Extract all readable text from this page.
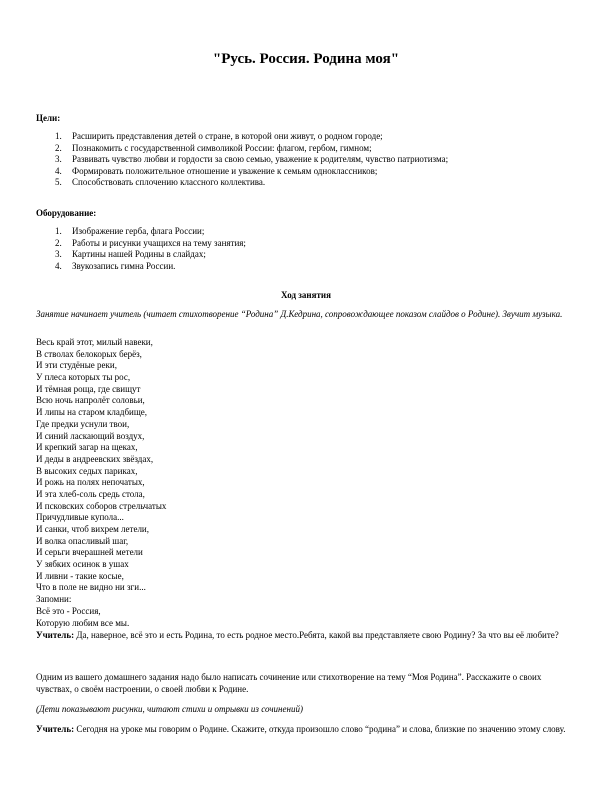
"Русь. Россия. Родина моя"
Цели:
1. Расширить представления детей о стране, в которой они живут, о родном городе;
2. Познакомить с государственной символикой России: флагом, гербом, гимном;
3. Развивать чувство любви и гордости за свою семью, уважение к родителям, чувство патриотизма;
4. Формировать положительное отношение и уважение к семьям одноклассников;
5. Способствовать сплочению классного коллектива.
Оборудование:
1. Изображение герба, флага России;
2. Работы и рисунки учащихся на тему занятия;
3. Картины нашей Родины в слайдах;
4. Звукозапись гимна России.
Ход занятия
Занятие начинает учитель (читает стихотворение “Родина” Д.Кедрина, сопровождающее показом слайдов о Родине). Звучит музыка.
Весь край этот, милый навеки,
В стволах белокорых берёз,
И эти студёные реки,
У плеса которых ты рос,
И тёмная роща, где свищут
Всю ночь напролёт соловьи,
И липы на старом кладбище,
Где предки уснули твои,
И синий ласкающий воздух,
И крепкий загар на щеках,
И деды в андреевских звёздах,
В высоких седых париках,
И рожь на полях непочатых,
И эта хлеб-соль средь стола,
И псковских соборов стрельчатых
Причудливые купола...
И санки, чтоб вихрем летели,
И волка опасливый шаг,
И серьги вчерашней метели
У зябких осинок в ушах
И ливни - такие косые,
Что в поле не видно ни зги...
Запомни:
Всё это - Россия,
Которую любим все мы.
Учитель: Да, наверное, всё это и есть Родина, то есть родное место.Ребята, какой вы представляете свою Родину? За что вы её любите?
Одним из вашего домашнего задания надо было написать сочинение или стихотворение на тему “Моя Родина”. Расскажите о своих чувствах, о своём настроении, о своей любви к Родине.
(Дети показывают рисунки, читают стихи и отрывки из сочинений)
Учитель: Сегодня на уроке мы говорим о Родине. Скажите, откуда произошло слово “родина” и слова, близкие по значению этому слову.
